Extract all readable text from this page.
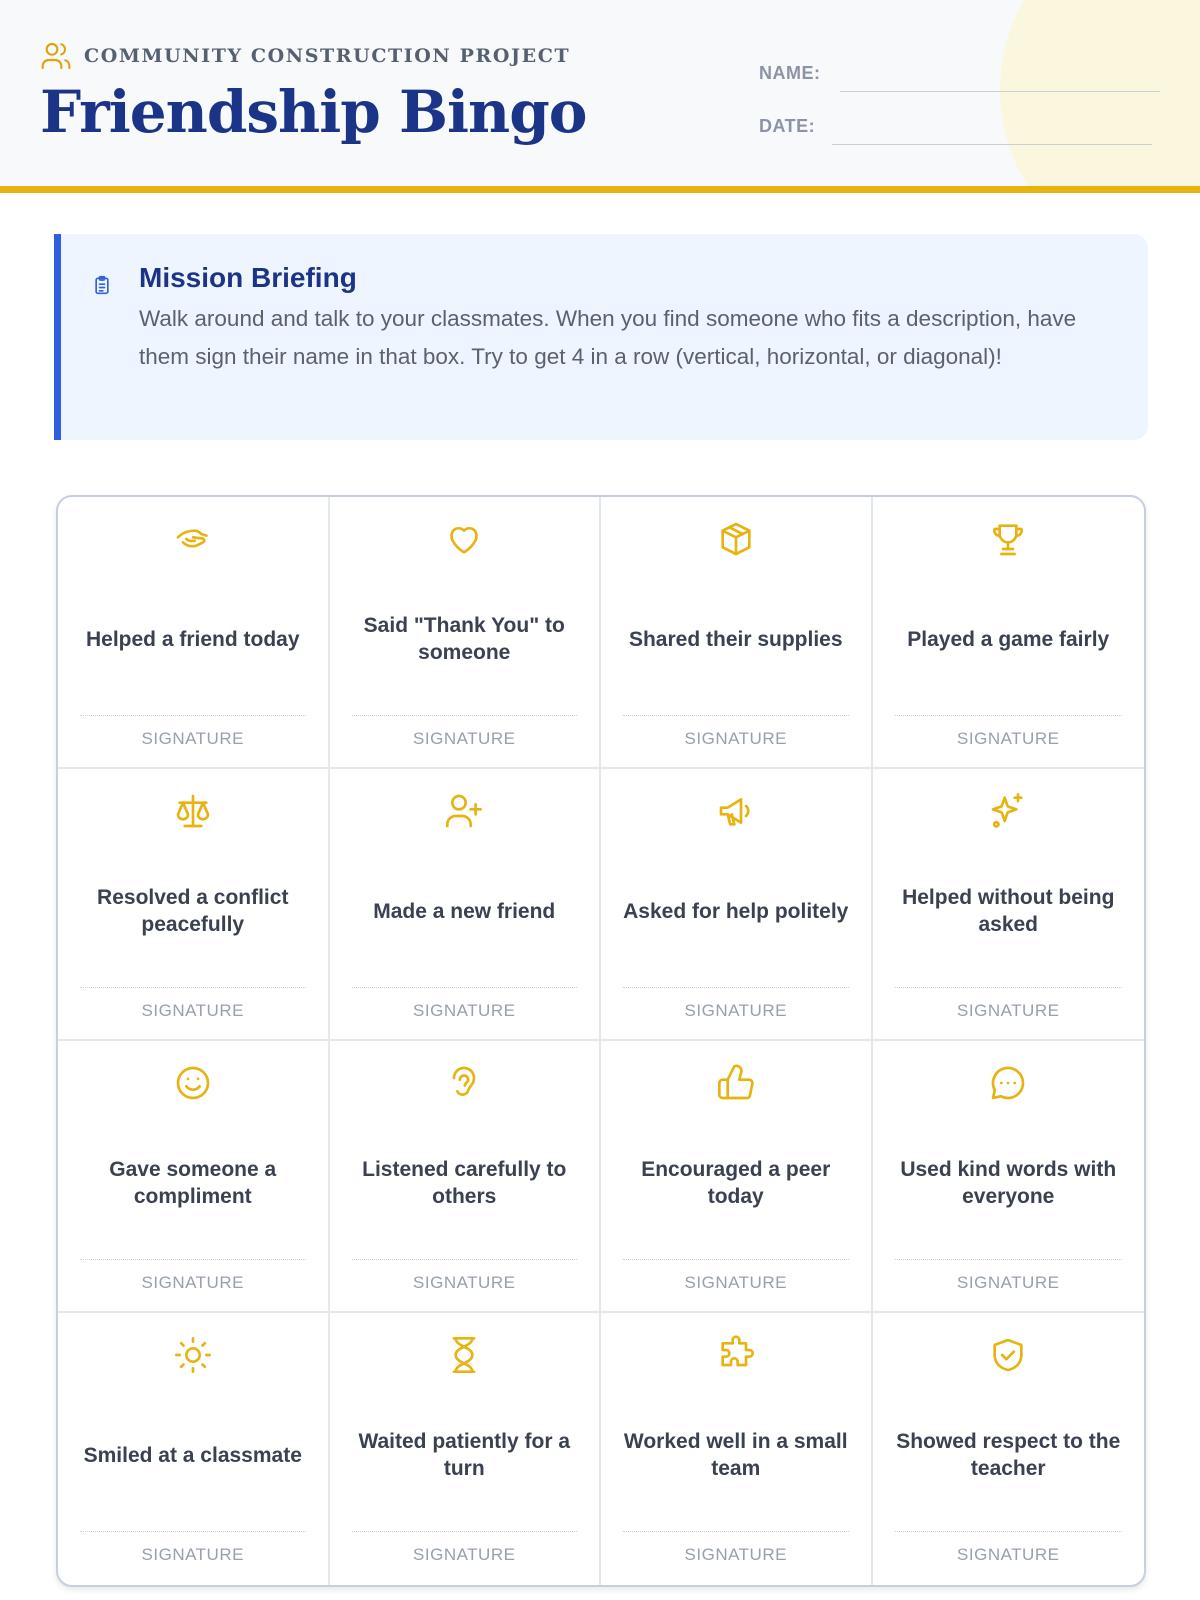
COMMUNITY CONSTRUCTION PROJECT
Friendship Bingo
NAME:
DATE:
Mission Briefing
Walk around and talk to your classmates. When you find someone who fits a description, have them sign their name in that box. Try to get 4 in a row (vertical, horizontal, or diagonal)!
Helped a friend today
SIGNATURE
Said "Thank You" to someone
SIGNATURE
Shared their supplies
SIGNATURE
Played a game fairly
SIGNATURE
Resolved a conflict peacefully
SIGNATURE
Made a new friend
SIGNATURE
Asked for help politely
SIGNATURE
Helped without being asked
SIGNATURE
Gave someone a compliment
SIGNATURE
Listened carefully to others
SIGNATURE
Encouraged a peer today
SIGNATURE
Used kind words with everyone
SIGNATURE
Smiled at a classmate
SIGNATURE
Waited patiently for a turn
SIGNATURE
Worked well in a small team
SIGNATURE
Showed respect to the teacher
SIGNATURE
